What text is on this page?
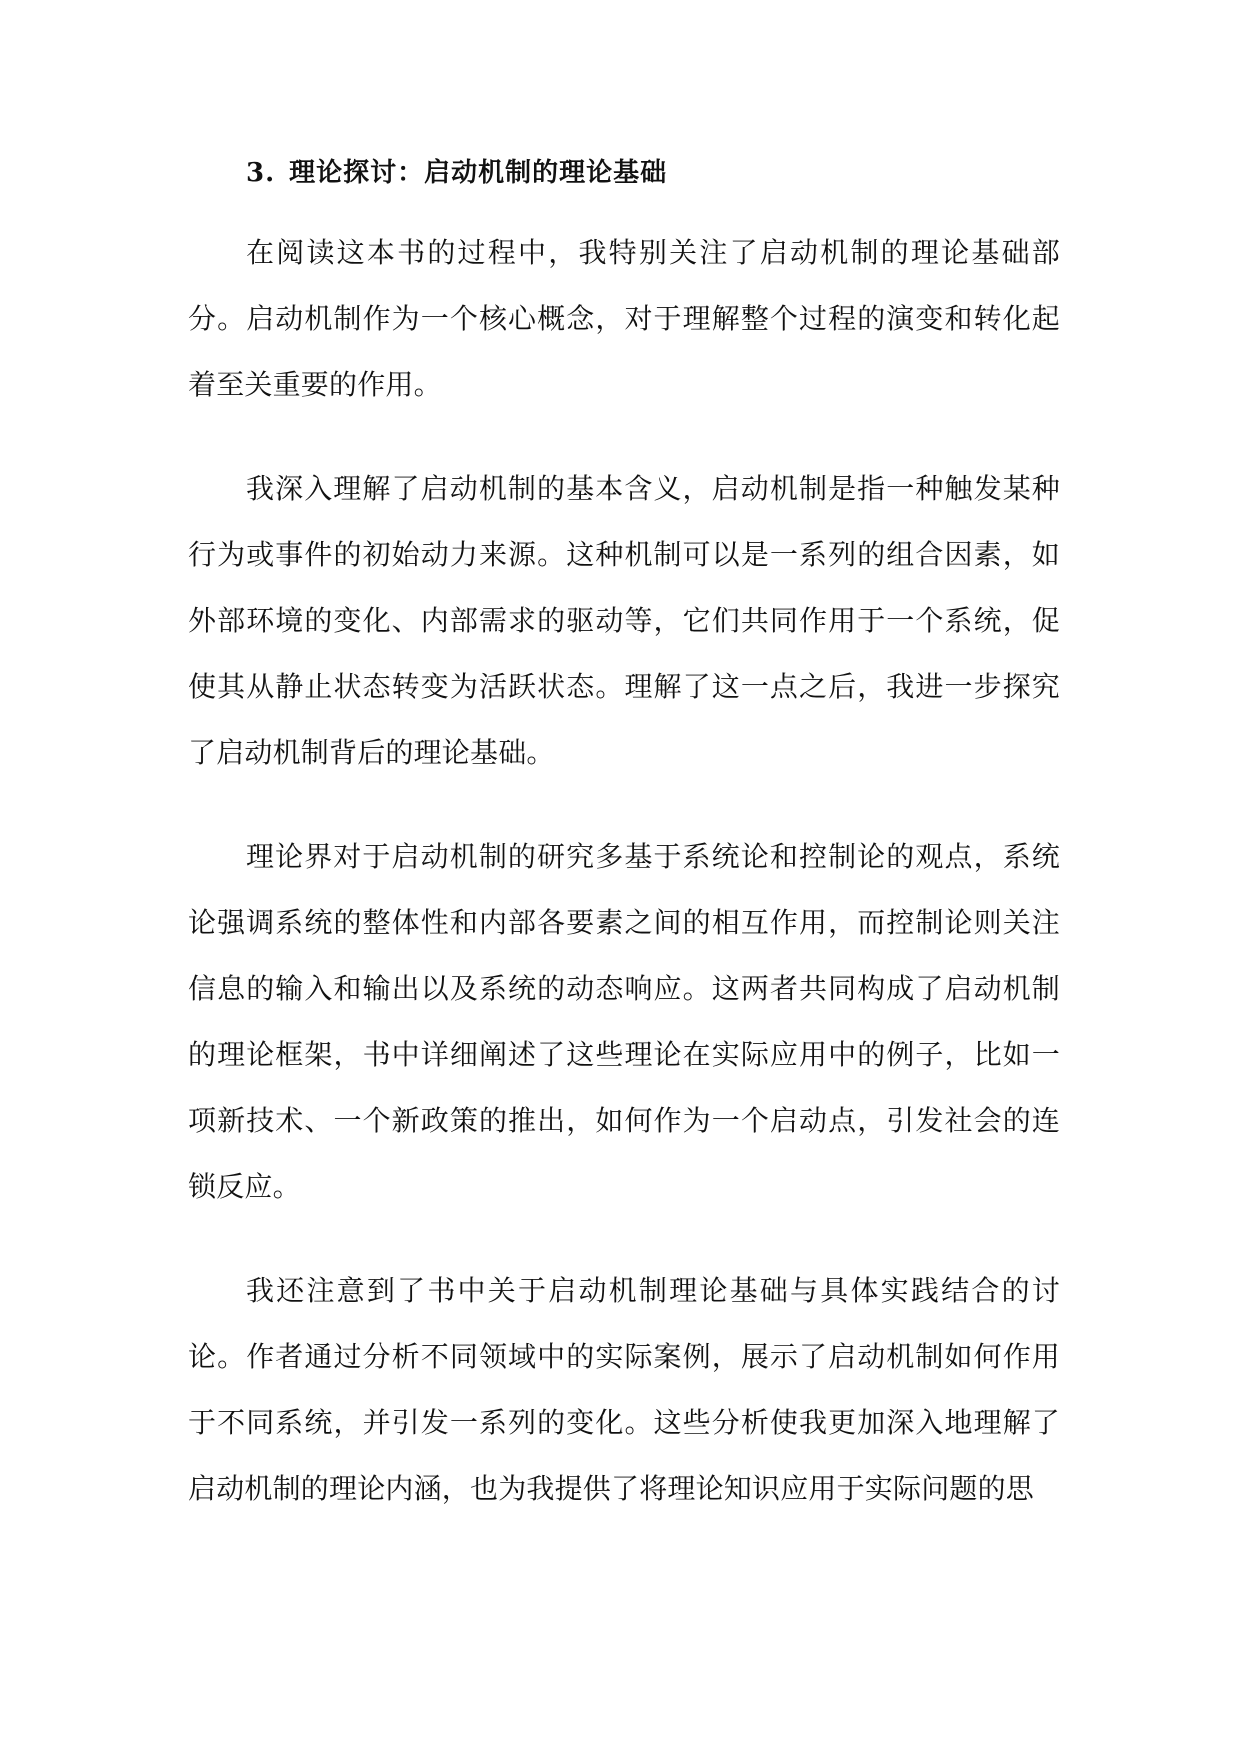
3. 理论探讨：启动机制的理论基础

在阅读这本书的过程中，我特别关注了启动机制的理论基础部分。启动机制作为一个核心概念，对于理解整个过程的演变和转化起着至关重要的作用。

我深入理解了启动机制的基本含义，启动机制是指一种触发某种行为或事件的初始动力来源。这种机制可以是一系列的组合因素，如外部环境的变化、内部需求的驱动等，它们共同作用于一个系统，促使其从静止状态转变为活跃状态。理解了这一点之后，我进一步探究了启动机制背后的理论基础。

理论界对于启动机制的研究多基于系统论和控制论的观点，系统论强调系统的整体性和内部各要素之间的相互作用，而控制论则关注信息的输入和输出以及系统的动态响应。这两者共同构成了启动机制的理论框架，书中详细阐述了这些理论在实际应用中的例子，比如一项新技术、一个新政策的推出，如何作为一个启动点，引发社会的连锁反应。

我还注意到了书中关于启动机制理论基础与具体实践结合的讨论。作者通过分析不同领域中的实际案例，展示了启动机制如何作用于不同系统，并引发一系列的变化。这些分析使我更加深入地理解了启动机制的理论内涵，也为我提供了将理论知识应用于实际问题的思
